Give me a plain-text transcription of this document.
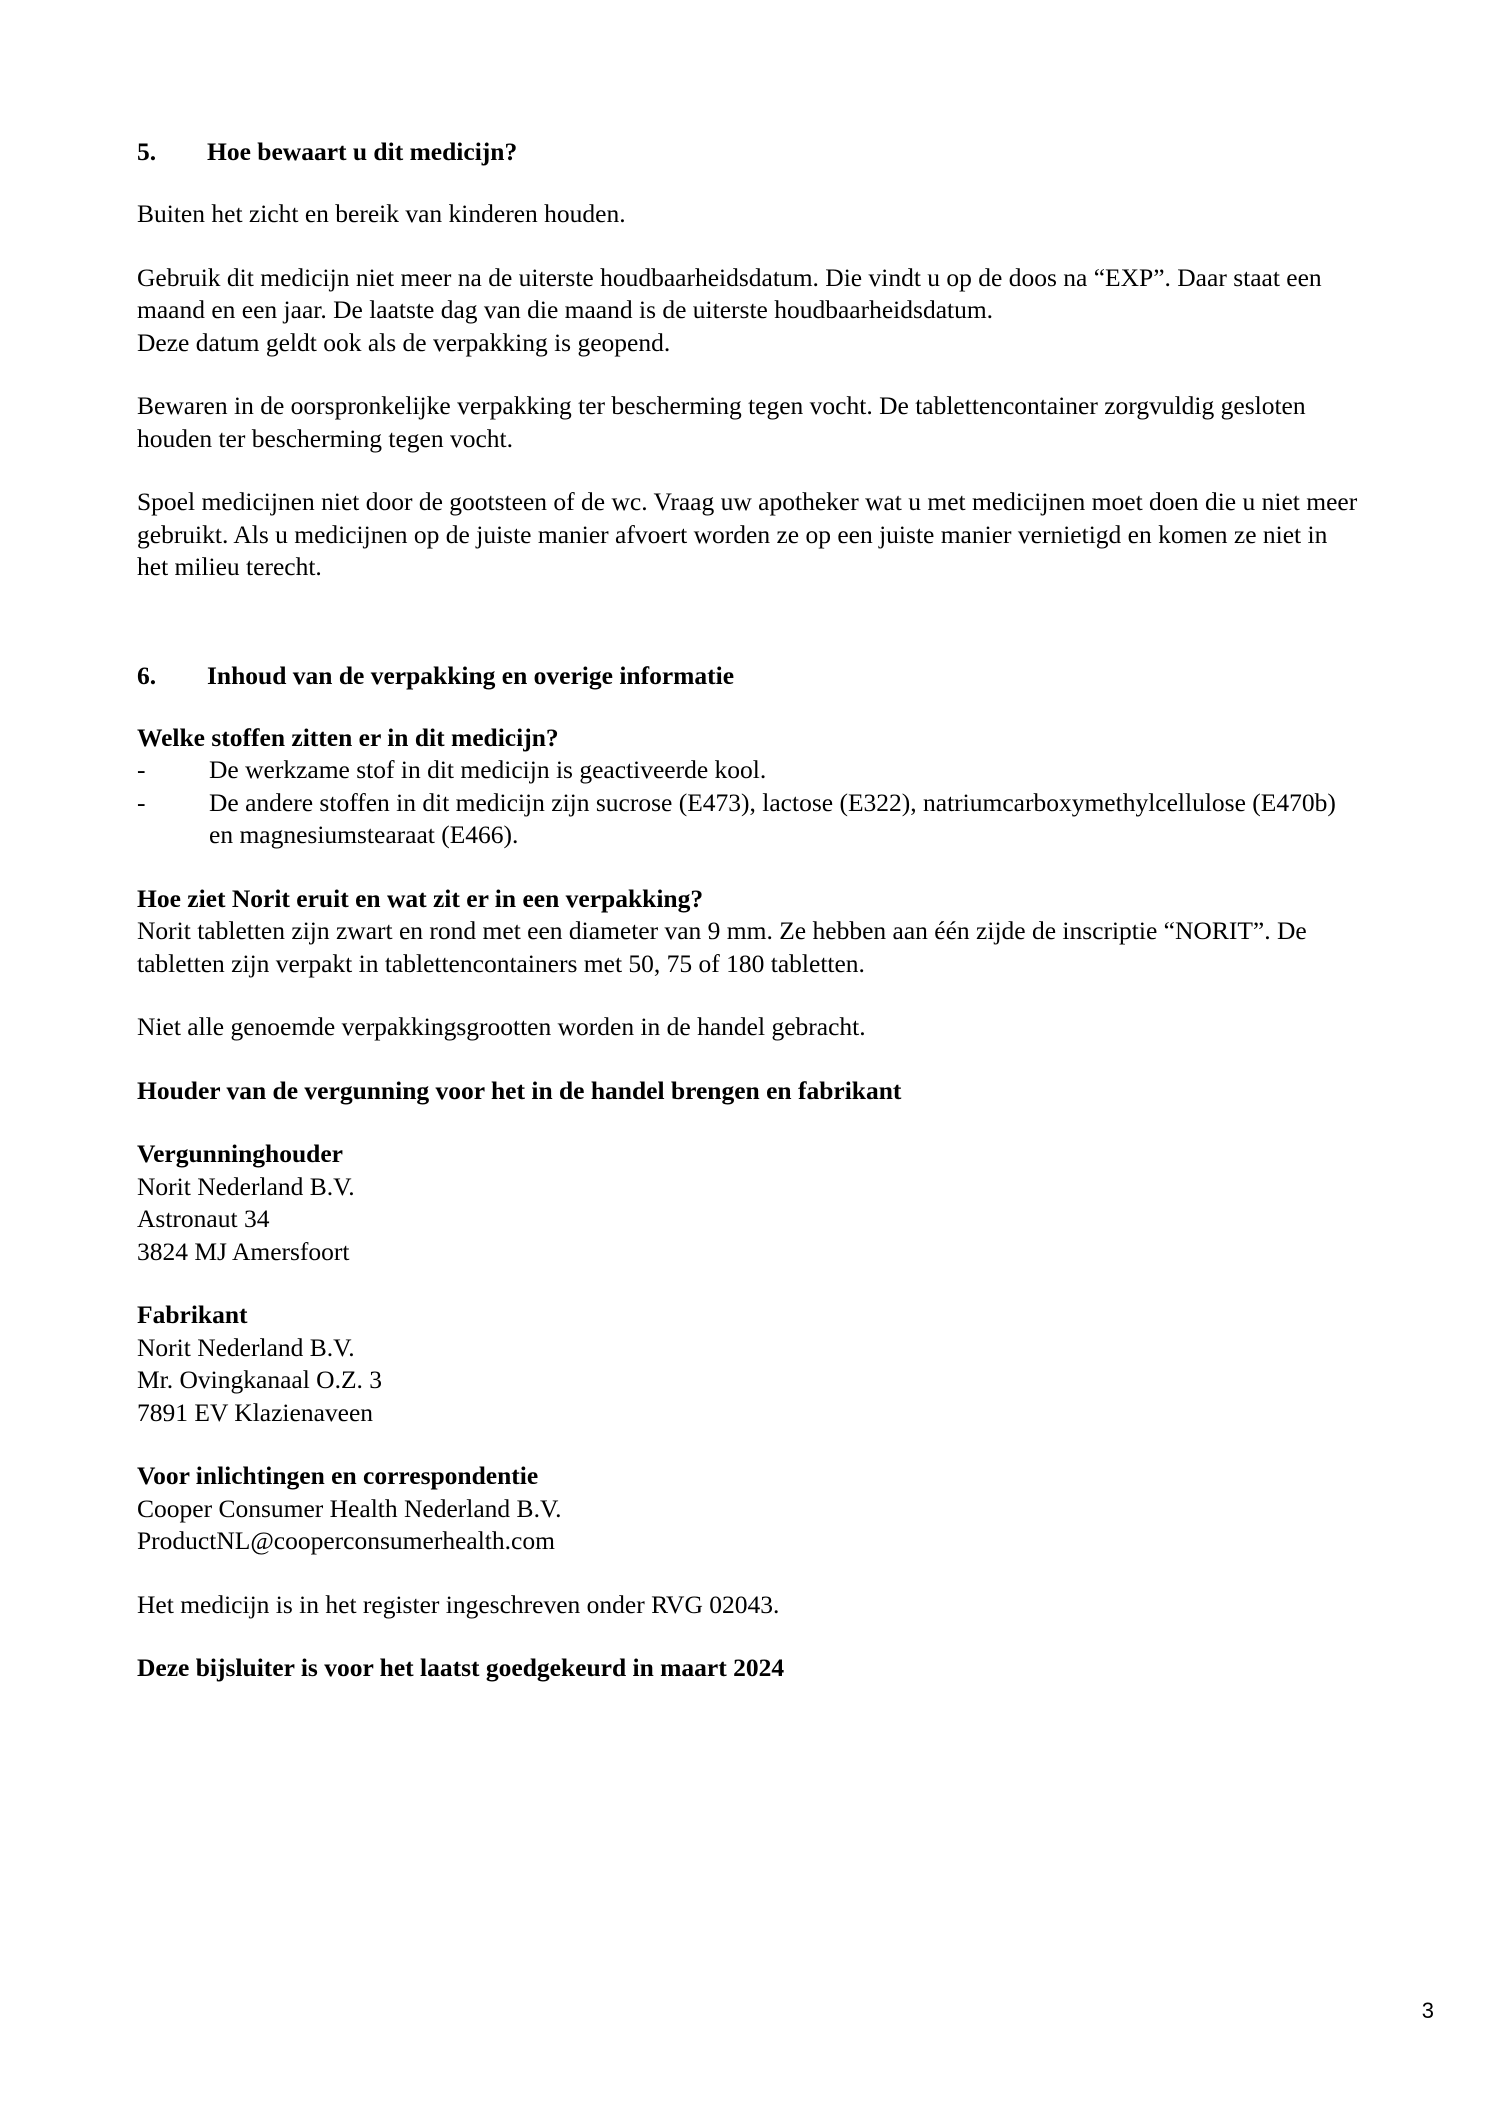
5.	Hoe bewaart u dit medicijn?

Buiten het zicht en bereik van kinderen houden.

Gebruik dit medicijn niet meer na de uiterste houdbaarheidsdatum. Die vindt u op de doos na “EXP”. Daar staat een maand en een jaar. De laatste dag van die maand is de uiterste houdbaarheidsdatum.

Deze datum geldt ook als de verpakking is geopend.

Bewaren in de oorspronkelijke verpakking ter bescherming tegen vocht. De tablettencontainer zorgvuldig gesloten houden ter bescherming tegen vocht.

Spoel medicijnen niet door de gootsteen of de wc. Vraag uw apotheker wat u met medicijnen moet doen die u niet meer gebruikt. Als u medicijnen op de juiste manier afvoert worden ze op een juiste manier vernietigd en komen ze niet in het milieu terecht.

6.	Inhoud van de verpakking en overige informatie
Welke stoffen zitten er in dit medicijn?
-	De werkzame stof in dit medicijn is geactiveerde kool.
-	De andere stoffen in dit medicijn zijn sucrose (E473), lactose (E322), natriumcarboxymethylcellulose (E470b) en magnesiumstearaat (E466).
Hoe ziet Norit eruit en wat zit er in een verpakking?

Norit tabletten zijn zwart en rond met een diameter van 9 mm. Ze hebben aan één zijde de inscriptie “NORIT”. De tabletten zijn verpakt in tablettencontainers met 50, 75 of 180 tabletten.

Niet alle genoemde verpakkingsgrootten worden in de handel gebracht.

Houder van de vergunning voor het in de handel brengen en fabrikant
Vergunninghouder
Norit Nederland B.V.
Astronaut 34
3824 MJ Amersfoort
Fabrikant
Norit Nederland B.V.
Mr. Ovingkanaal O.Z. 3
7891 EV Klazienaveen
Voor inlichtingen en correspondentie
Cooper Consumer Health Nederland B.V.
ProductNL@cooperconsumerhealth.com

Het medicijn is in het register ingeschreven onder RVG 02043.

Deze bijsluiter is voor het laatst goedgekeurd in maart 2024
3
